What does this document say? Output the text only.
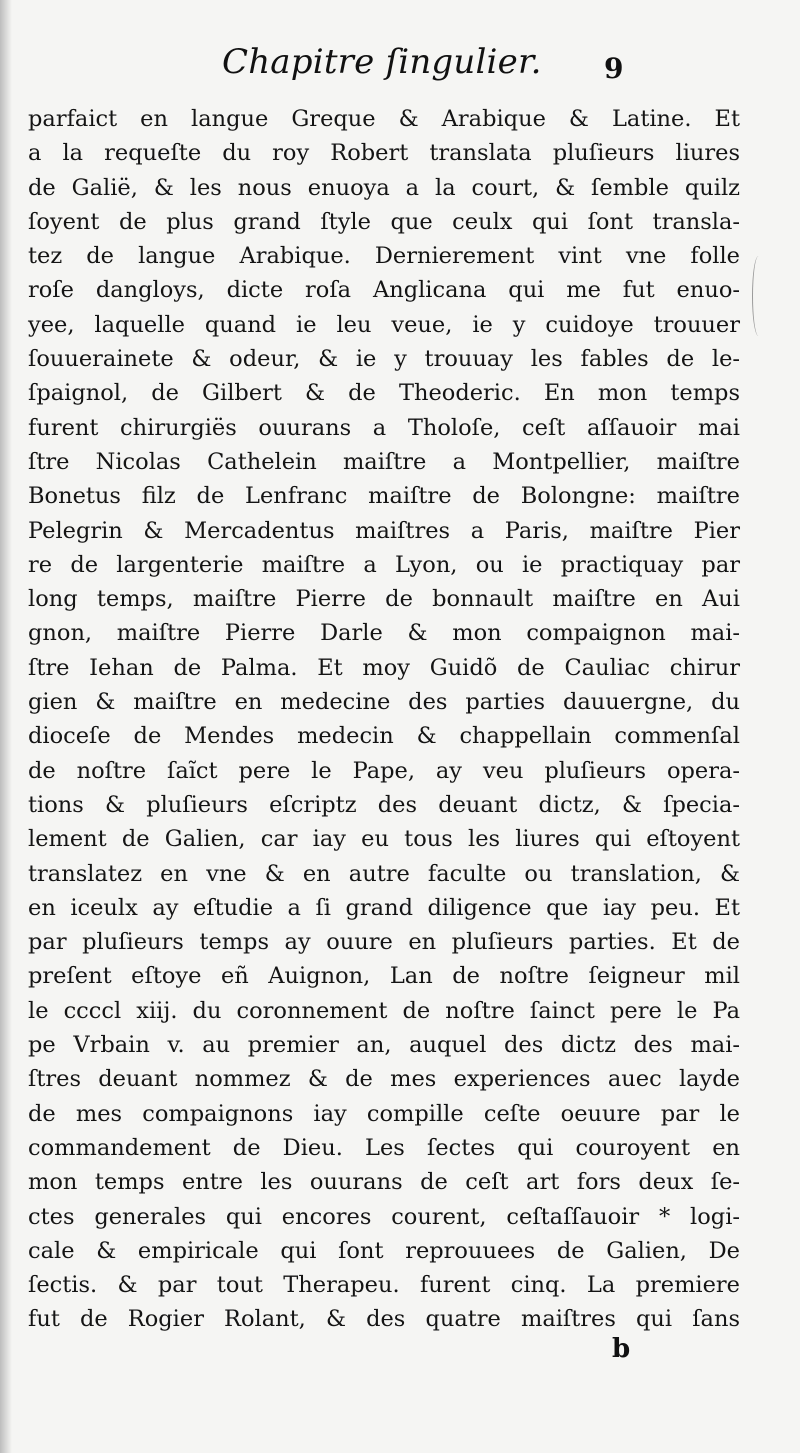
Chapitre ſingulier. 9
parfaict en langue Greque & Arabique & Latine. Et
a la requeſte du roy Robert translata pluſieurs liures
de Galië, & les nous enuoya a la court, & ſemble quilz
ſoyent de plus grand ſtyle que ceulx qui ſont transla-
tez de langue Arabique. Dernierement vint vne folle
roſe dangloys, dicte roſa Anglicana qui me fut enuo-
yee, laquelle quand ie leu veue, ie y cuidoye trouuer
ſouuerainete & odeur, & ie y trouuay les fables de le-
ſpaignol, de Gilbert & de Theoderic. En mon temps
furent chirurgiës ouurans a Tholoſe, ceſt aſſauoir mai
ſtre Nicolas Cathelein maiſtre a Montpellier, maiſtre
Bonetus filz de Lenfranc maiſtre de Bolongne: maiſtre
Pelegrin & Mercadentus maiſtres a Paris, maiſtre Pier
re de largenterie maiſtre a Lyon, ou ie practiquay par
long temps, maiſtre Pierre de bonnault maiſtre en Aui
gnon, maiſtre Pierre Darle & mon compaignon mai-
ſtre Iehan de Palma. Et moy Guidõ de Cauliac chirur
gien & maiſtre en medecine des parties dauuergne, du
dioceſe de Mendes medecin & chappellain commenſal
de noſtre ſaĩct pere le Pape, ay veu pluſieurs opera-
tions & pluſieurs eſcriptz des deuant dictz, & ſpecia-
lement de Galien, car iay eu tous les liures qui eſtoyent
translatez en vne & en autre faculte ou translation, &
en iceulx ay eſtudie a ſi grand diligence que iay peu. Et
par pluſieurs temps ay ouure en pluſieurs parties. Et de
preſent eſtoye eñ Auignon, Lan de noſtre ſeigneur mil
le ccccl xiij. du coronnement de noſtre ſainct pere le Pa
pe Vrbain v. au premier an, auquel des dictz des mai-
ſtres deuant nommez & de mes experiences auec layde
de mes compaignons iay compille ceſte oeuure par le
commandement de Dieu. Les ſectes qui couroyent en
mon temps entre les ouurans de ceſt art fors deux ſe-
ctes generales qui encores courent, ceſtaſſauoir * logi-
cale & empiricale qui ſont reprouuees de Galien, De
ſectis. & par tout Therapeu. furent cinq. La premiere
fut de Rogier Rolant, & des quatre maiſtres qui ſans
b
